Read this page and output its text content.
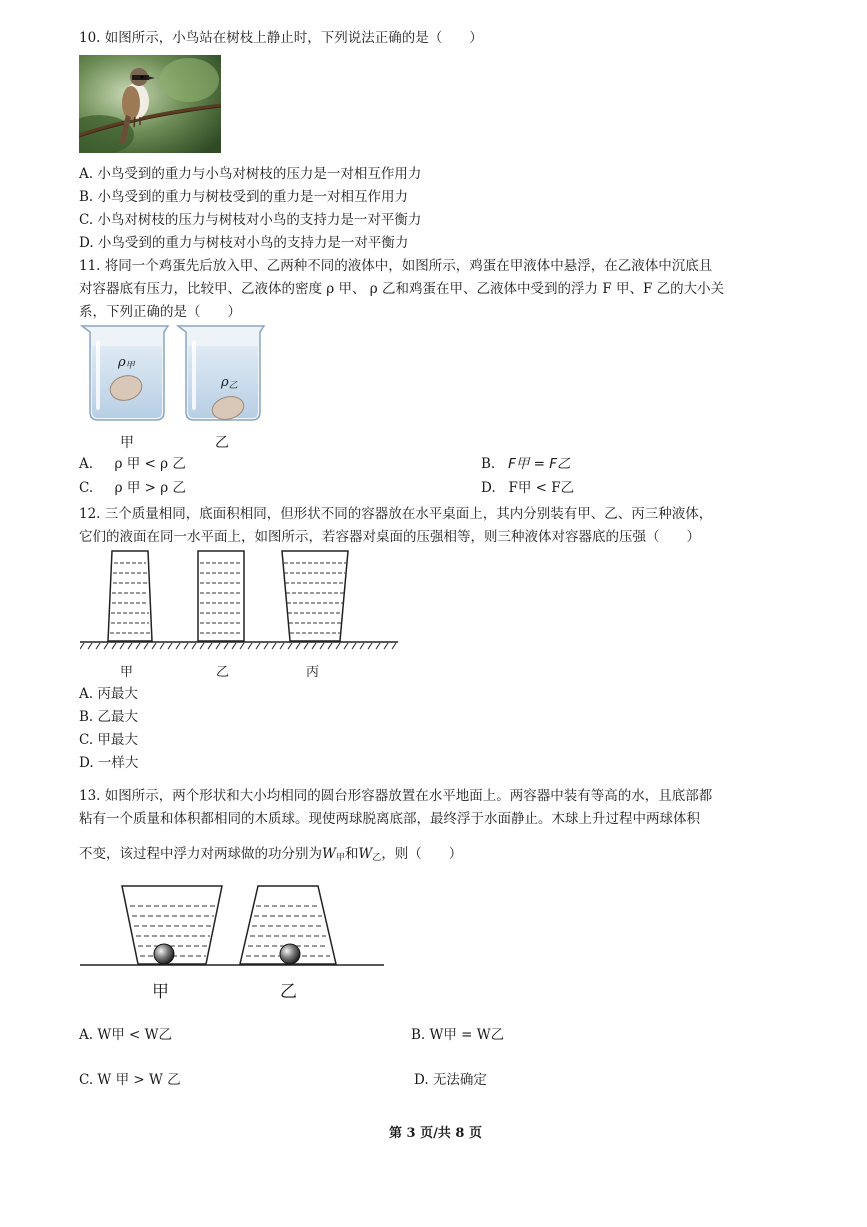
10. 如图所示，小鸟站在树枝上静止时，下列说法正确的是（　　）
A. 小鸟受到的重力与小鸟对树枝的压力是一对相互作用力
B. 小鸟受到的重力与树枝受到的重力是一对相互作用力
C. 小鸟对树枝的压力与树枝对小鸟的支持力是一对平衡力
D. 小鸟受到的重力与树枝对小鸟的支持力是一对平衡力
11. 将同一个鸡蛋先后放入甲、乙两种不同的液体中，如图所示，鸡蛋在甲液体中悬浮，在乙液体中沉底且
对容器底有压力，比较甲、乙液体的密度 ρ 甲、 ρ 乙和鸡蛋在甲、乙液体中受到的浮力 F 甲、F 乙的大小关
系，下列正确的是（　　）
$\rho_甲$
$\rho_乙$
甲	乙
A. ρ 甲 < ρ 乙	B. F甲 = F乙
C. ρ 甲 > ρ 乙	D. F甲 < F乙
12. 三个质量相同，底面积相同，但形状不同的容器放在水平桌面上，其内分别装有甲、乙、丙三种液体，
它们的液面在同一水平面上，如图所示，若容器对桌面的压强相等，则三种液体对容器底的压强（　　）
甲	乙	丙
A. 丙最大
B. 乙最大
C. 甲最大
D. 一样大
13. 如图所示，两个形状和大小均相同的圆台形容器放置在水平地面上。两容器中装有等高的水，且底部都
粘有一个质量和体积都相同的木质球。现使两球脱离底部，最终浮于水面静止。木球上升过程中两球体积
不变，该过程中浮力对两球做的功分别为$W_甲$和$W_乙$，则（　　）
甲	乙
A. W甲 < W乙	B. W甲 = W乙
C. W 甲 > W 乙	D. 无法确定
第 3 页/共 8 页
